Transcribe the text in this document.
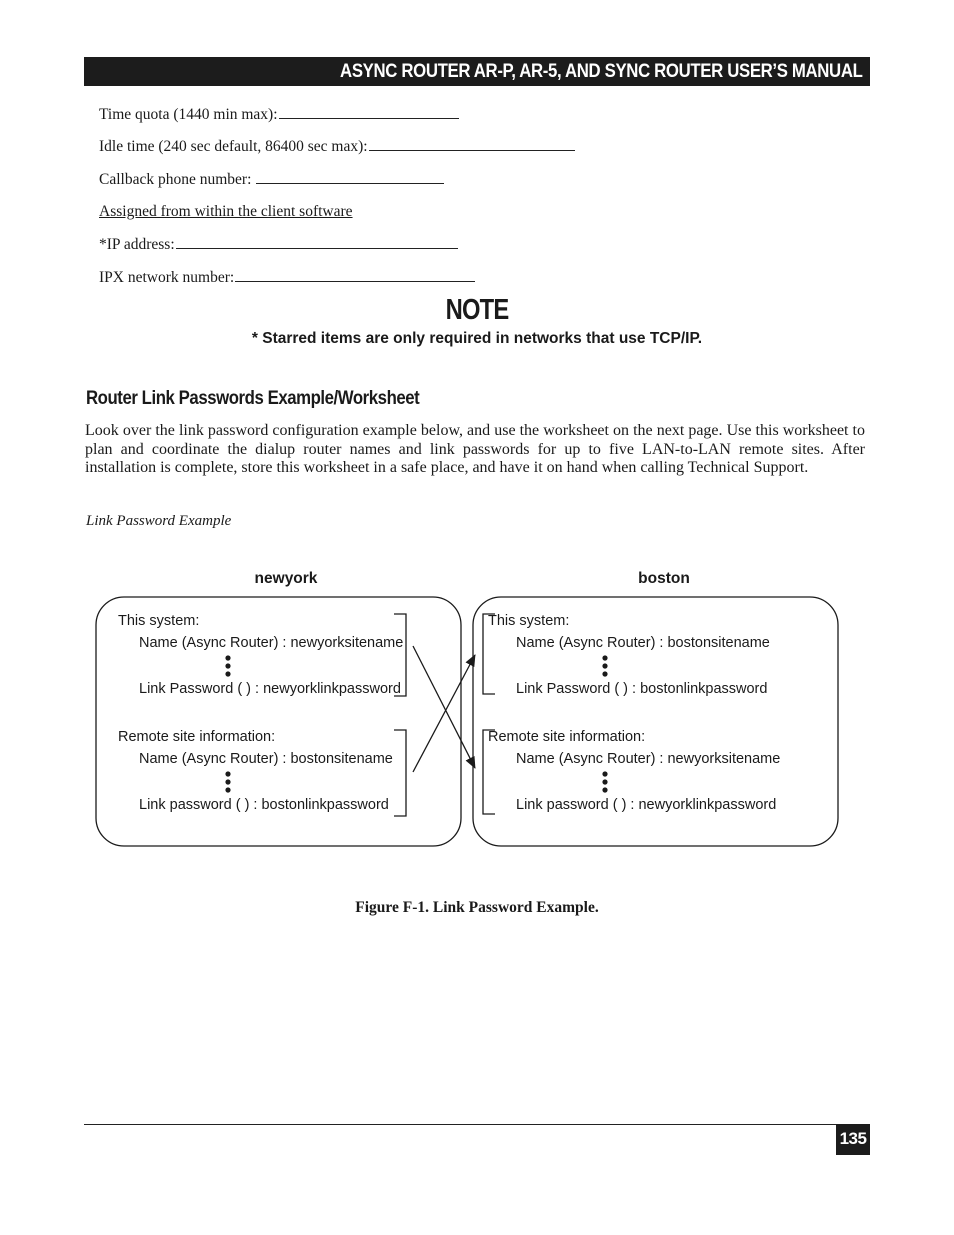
ASYNC ROUTER AR-P, AR-5, AND SYNC ROUTER USER’S MANUAL
Time quota (1440 min max):
Idle time (240 sec default, 86400 sec max):
Callback phone number:
Assigned from within the client software
*IP address:
IPX network number:
NOTE
* Starred items are only required in networks that use TCP/IP.
Router Link Passwords Example/Worksheet
Look over the link password configuration example below, and use the worksheet on the next page. Use this worksheet to plan and coordinate the dialup router names and link passwords for up to five LAN-to-LAN remote sites. After installation is complete, store this worksheet in a safe place, and have it on hand when calling Technical Support.
Link Password Example
newyork	boston
This system:
Name (Async Router) : newyorksitename
Link Password ( ) : newyorklinkpassword
Remote site information:
Name (Async Router) : bostonsitename
Link password ( ) : bostonlinkpassword
This system:
Name (Async Router) : bostonsitename
Link Password ( ) : bostonlinkpassword
Remote site information:
Name (Async Router) : newyorksitename
Link password ( ) : newyorklinkpassword
Figure F-1. Link Password Example.
135
